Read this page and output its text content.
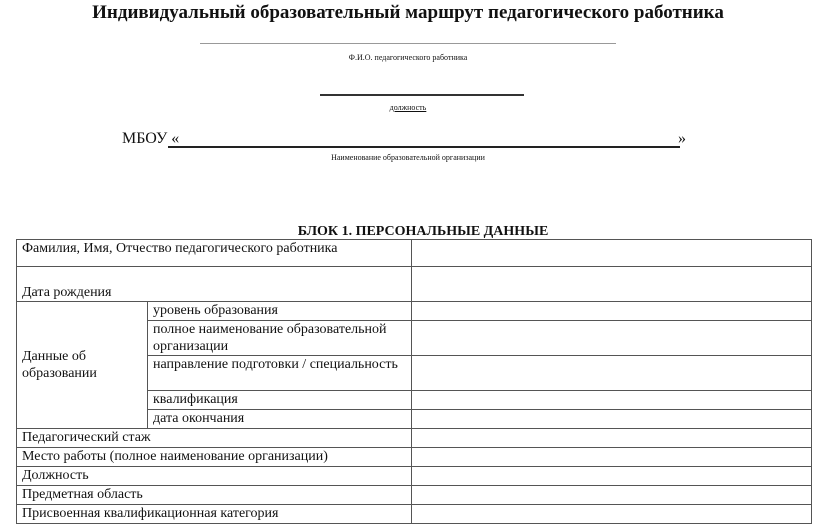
Индивидуальный образовательный маршрут педагогического работника
Ф.И.О. педагогического работника
должность
МБОУ «	»
Наименование образовательной организации
БЛОК 1. ПЕРСОНАЛЬНЫЕ ДАННЫЕ
Фамилия, Имя, Отчество педагогического работника		
Дата рождения		
Данные об образовании	уровень образования	
	полное наименование образовательной организации	
	направление подготовки / специальность	
	квалификация	
	дата окончания	
Педагогический стаж		
Место работы (полное наименование организации)		
Должность		
Предметная область		
Присвоенная квалификационная категория		
